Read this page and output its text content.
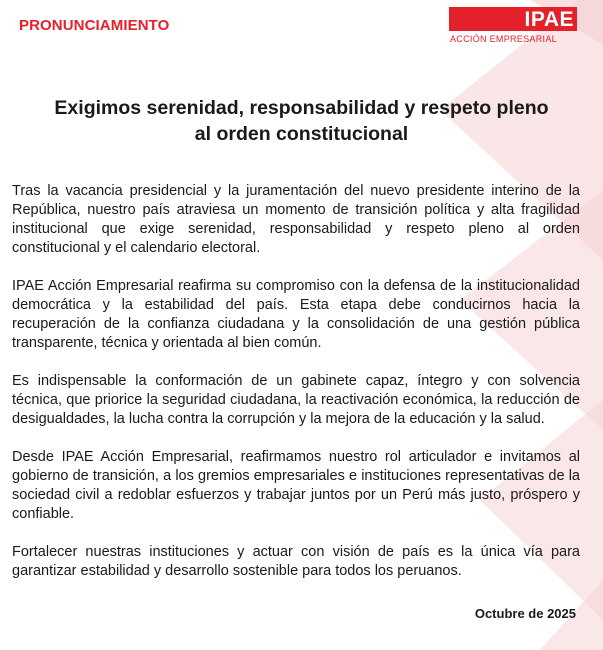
PRONUNCIAMIENTO	IPAE
ACCIÓN EMPRESARIAL
Exigimos serenidad, responsabilidad y respeto pleno
al orden constitucional

Tras la vacancia presidencial y la juramentación del nuevo presidente interino de la República, nuestro país atraviesa un momento de transición política y alta fragilidad institucional que exige serenidad, responsabilidad y respeto pleno al orden constitucional y el calendario electoral.

IPAE Acción Empresarial reafirma su compromiso con la defensa de la institucionalidad democrática y la estabilidad del país. Esta etapa debe conducirnos hacia la recuperación de la confianza ciudadana y la consolidación de una gestión pública transparente, técnica y orientada al bien común.

Es indispensable la conformación de un gabinete capaz, íntegro y con solvencia técnica, que priorice la seguridad ciudadana, la reactivación económica, la reducción de desigualdades, la lucha contra la corrupción y la mejora de la educación y la salud.

Desde IPAE Acción Empresarial, reafirmamos nuestro rol articulador e invitamos al gobierno de transición, a los gremios empresariales e instituciones representativas de la sociedad civil a redoblar esfuerzos y trabajar juntos por un Perú más justo, próspero y confiable.

Fortalecer nuestras instituciones y actuar con visión de país es la única vía para garantizar estabilidad y desarrollo sostenible para todos los peruanos.

Octubre de 2025
